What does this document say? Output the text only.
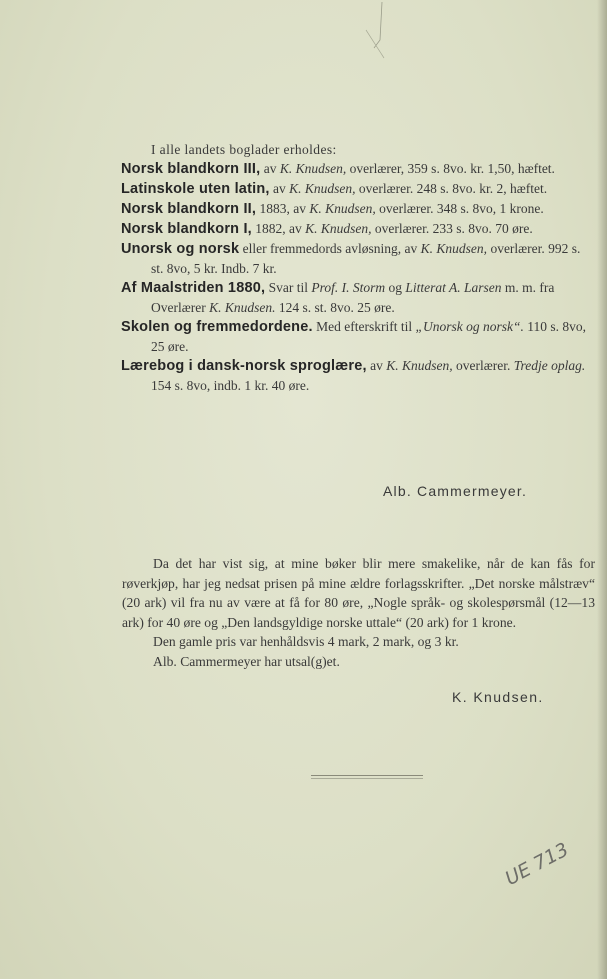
I alle landets boglader erholdes:
Norsk blandkorn III, av K. Knudsen, overlærer, 359 s. 8vo. kr. 1,50, hæftet.
Latinskole uten latin, av K. Knudsen, overlærer. 248 s. 8vo. kr. 2, hæftet.
Norsk blandkorn II, 1883, av K. Knudsen, overlærer. 348 s. 8vo, 1 krone.
Norsk blandkorn I, 1882, av K. Knudsen, overlærer. 233 s. 8vo. 70 øre.
Unorsk og norsk eller fremmedords avløsning, av K. Knudsen, overlærer. 992 s. st. 8vo, 5 kr. Indb. 7 kr.
Af Maalstriden 1880, Svar til Prof. I. Storm og Litterat A. Larsen m. m. fra Overlærer K. Knudsen. 124 s. st. 8vo. 25 øre.
Skolen og fremmedordene. Med efterskrift til „Unorsk og norsk“. 110 s. 8vo, 25 øre.
Lærebog i dansk-norsk sproglære, av K. Knudsen, overlærer. Tredje oplag. 154 s. 8vo, indb. 1 kr. 40 øre.
Alb. Cammermeyer.

Da det har vist sig, at mine bøker blir mere smakelike, når de kan fås for røverkjøp, har jeg nedsat prisen på mine ældre forlagsskrifter. „Det norske målstræv“ (20 ark) vil fra nu av være at få for 80 øre, „Nogle språk- og skolespørsmål (12—13 ark) for 40 øre og „Den landsgyldige norske uttale“ (20 ark) for 1 krone.

Den gamle pris var henhåldsvis 4 mark, 2 mark, og 3 kr.

Alb. Cammermeyer har utsal(g)et.

K. Knudsen.
UE 713
